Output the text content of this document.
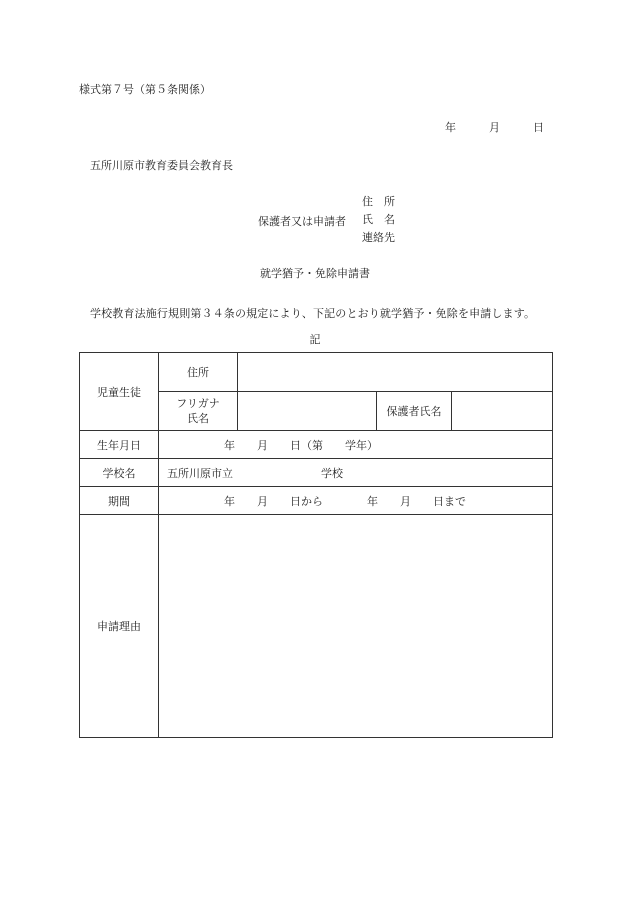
様式第７号（第５条関係）
年	月	日
五所川原市教育委員会教育長
保護者又は申請者
住　所
氏　名
連絡先
就学猶予・免除申請書
学校教育法施行規則第３４条の規定により、下記のとおり就学猶予・免除を申請します。
記
児童生徒	住所			

	フリガナ
氏名		保護者氏名	
生年月日	年　　月　　日（第　　学年）			
学校名	五所川原市立　　　　　　　　学校			
期間	年　　月　　日から　　　　年　　月　　日まで			
申請理由				
